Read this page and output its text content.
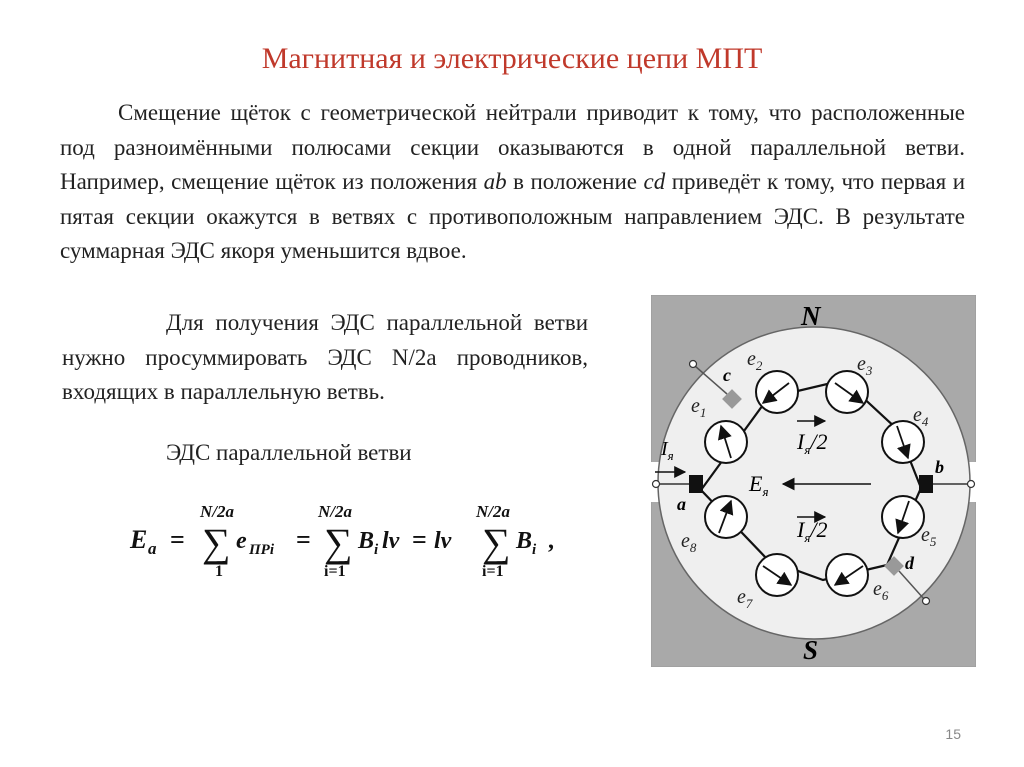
Магнитная и электрические цепи МПТ
Смещение щёток с геометрической нейтрали приводит к тому, что расположенные под разноимёнными полюсами секции оказываются в одной параллельной ветви. Например, смещение щёток из положения ab в положение cd приведёт к тому, что первая и пятая секции окажутся в ветвях с противоположным направлением ЭДС. В результате суммарная ЭДС якоря уменьшится вдвое.
Для получения ЭДС параллельной ветви нужно просуммировать ЭДС N/2а проводников, входящих в параллельную ветвь.
ЭДС параллельной ветви
E a =
N/2a
∑
1
e ПРi =
N/2a
∑
i=1
B i lν = lν
N/2a
∑
i=1
B i ,
N
S
a
b
c
d
$e_1$
$e_2$	$e_3$
$e_4$
$e_5$
$e_6$
$e_7$
$e_8$
$I_я$
$I_я/2$
$I_я/2$
$E_я$
15
